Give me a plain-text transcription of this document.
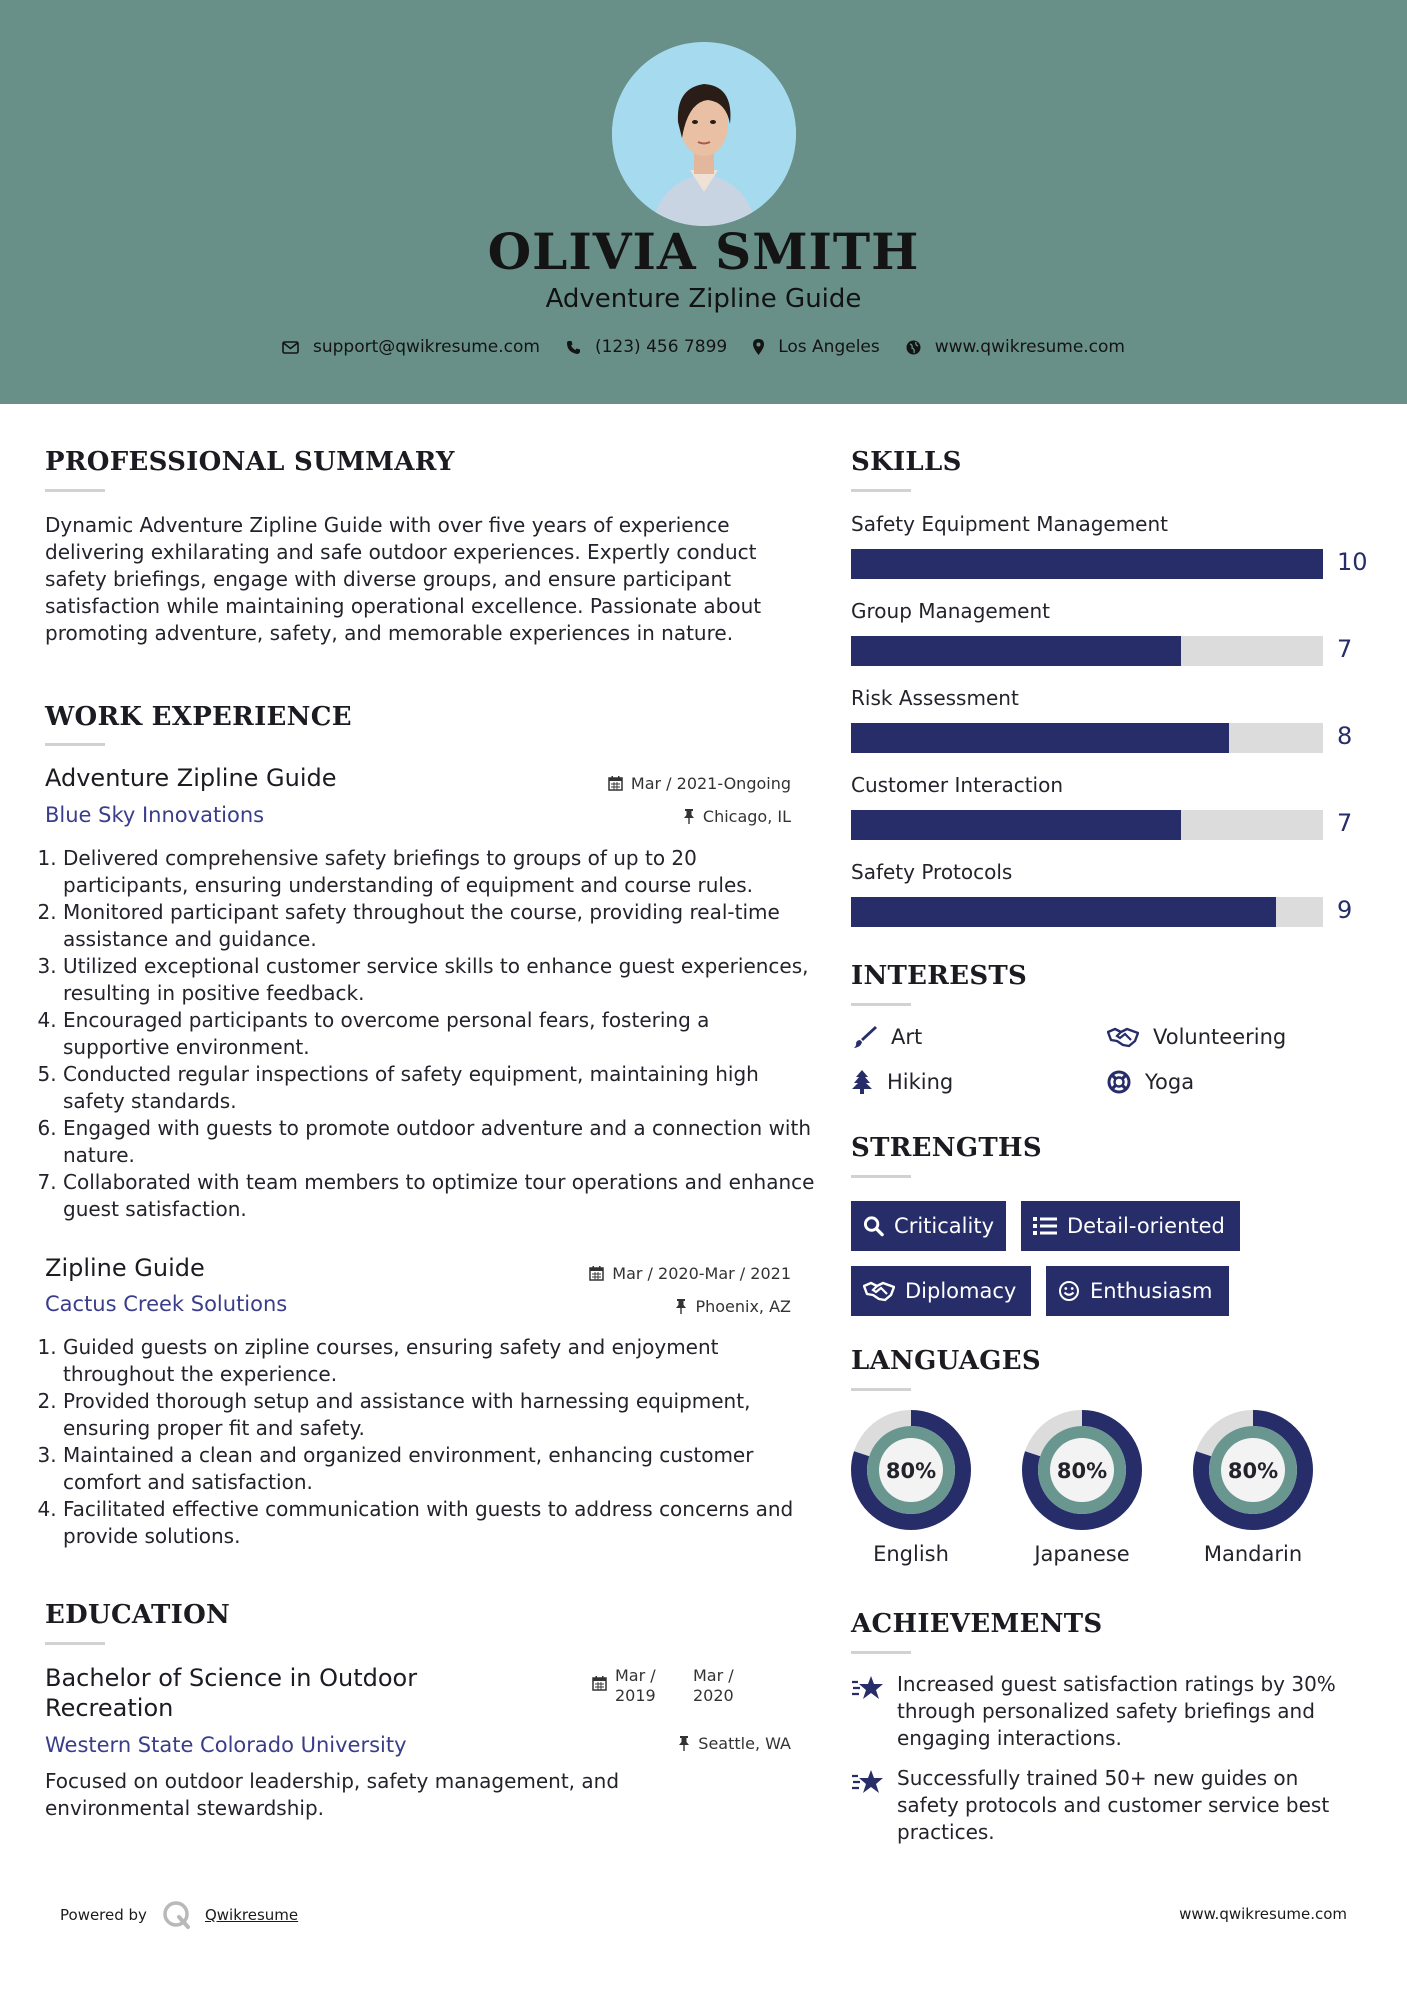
OLIVIA SMITH
Adventure Zipline Guide
support@qwikresume.com	(123) 456 7899	Los Angeles	www.qwikresume.com
PROFESSIONAL SUMMARY
Dynamic Adventure Zipline Guide with over five years of experience delivering exhilarating and safe outdoor experiences. Expertly conduct safety briefings, engage with diverse groups, and ensure participant satisfaction while maintaining operational excellence. Passionate about promoting adventure, safety, and memorable experiences in nature.
WORK EXPERIENCE
Adventure Zipline Guide	Mar / 2021-Ongoing
Blue Sky Innovations	Chicago, IL
1. Delivered comprehensive safety briefings to groups of up to 20 participants, ensuring understanding of equipment and course rules.
2. Monitored participant safety throughout the course, providing real-time assistance and guidance.
3. Utilized exceptional customer service skills to enhance guest experiences, resulting in positive feedback.
4. Encouraged participants to overcome personal fears, fostering a supportive environment.
5. Conducted regular inspections of safety equipment, maintaining high safety standards.
6. Engaged with guests to promote outdoor adventure and a connection with nature.
7. Collaborated with team members to optimize tour operations and enhance guest satisfaction.
Zipline Guide	Mar / 2020-Mar / 2021
Cactus Creek Solutions	Phoenix, AZ
1. Guided guests on zipline courses, ensuring safety and enjoyment throughout the experience.
2. Provided thorough setup and assistance with harnessing equipment, ensuring proper fit and safety.
3. Maintained a clean and organized environment, enhancing customer comfort and satisfaction.
4. Facilitated effective communication with guests to address concerns and provide solutions.
EDUCATION
Bachelor of Science in Outdoor Recreation
Mar /
2019
Mar /
2020
Western State Colorado University	Seattle, WA
Focused on outdoor leadership, safety management, and environmental stewardship.
SKILLS
Safety Equipment Management
10
Group Management
7
Risk Assessment
8
Customer Interaction
7
Safety Protocols
9
INTERESTS
Art	Volunteering
Hiking	Yoga
STRENGTHS
Criticality	Detail-oriented
Diplomacy	Enthusiasm
LANGUAGES
80%
English
80%
Japanese
80%
Mandarin
ACHIEVEMENTS
Increased guest satisfaction ratings by 30% through personalized safety briefings and engaging interactions.
Successfully trained 50+ new guides on safety protocols and customer service best practices.
Powered by	Qwikresume	www.qwikresume.com
